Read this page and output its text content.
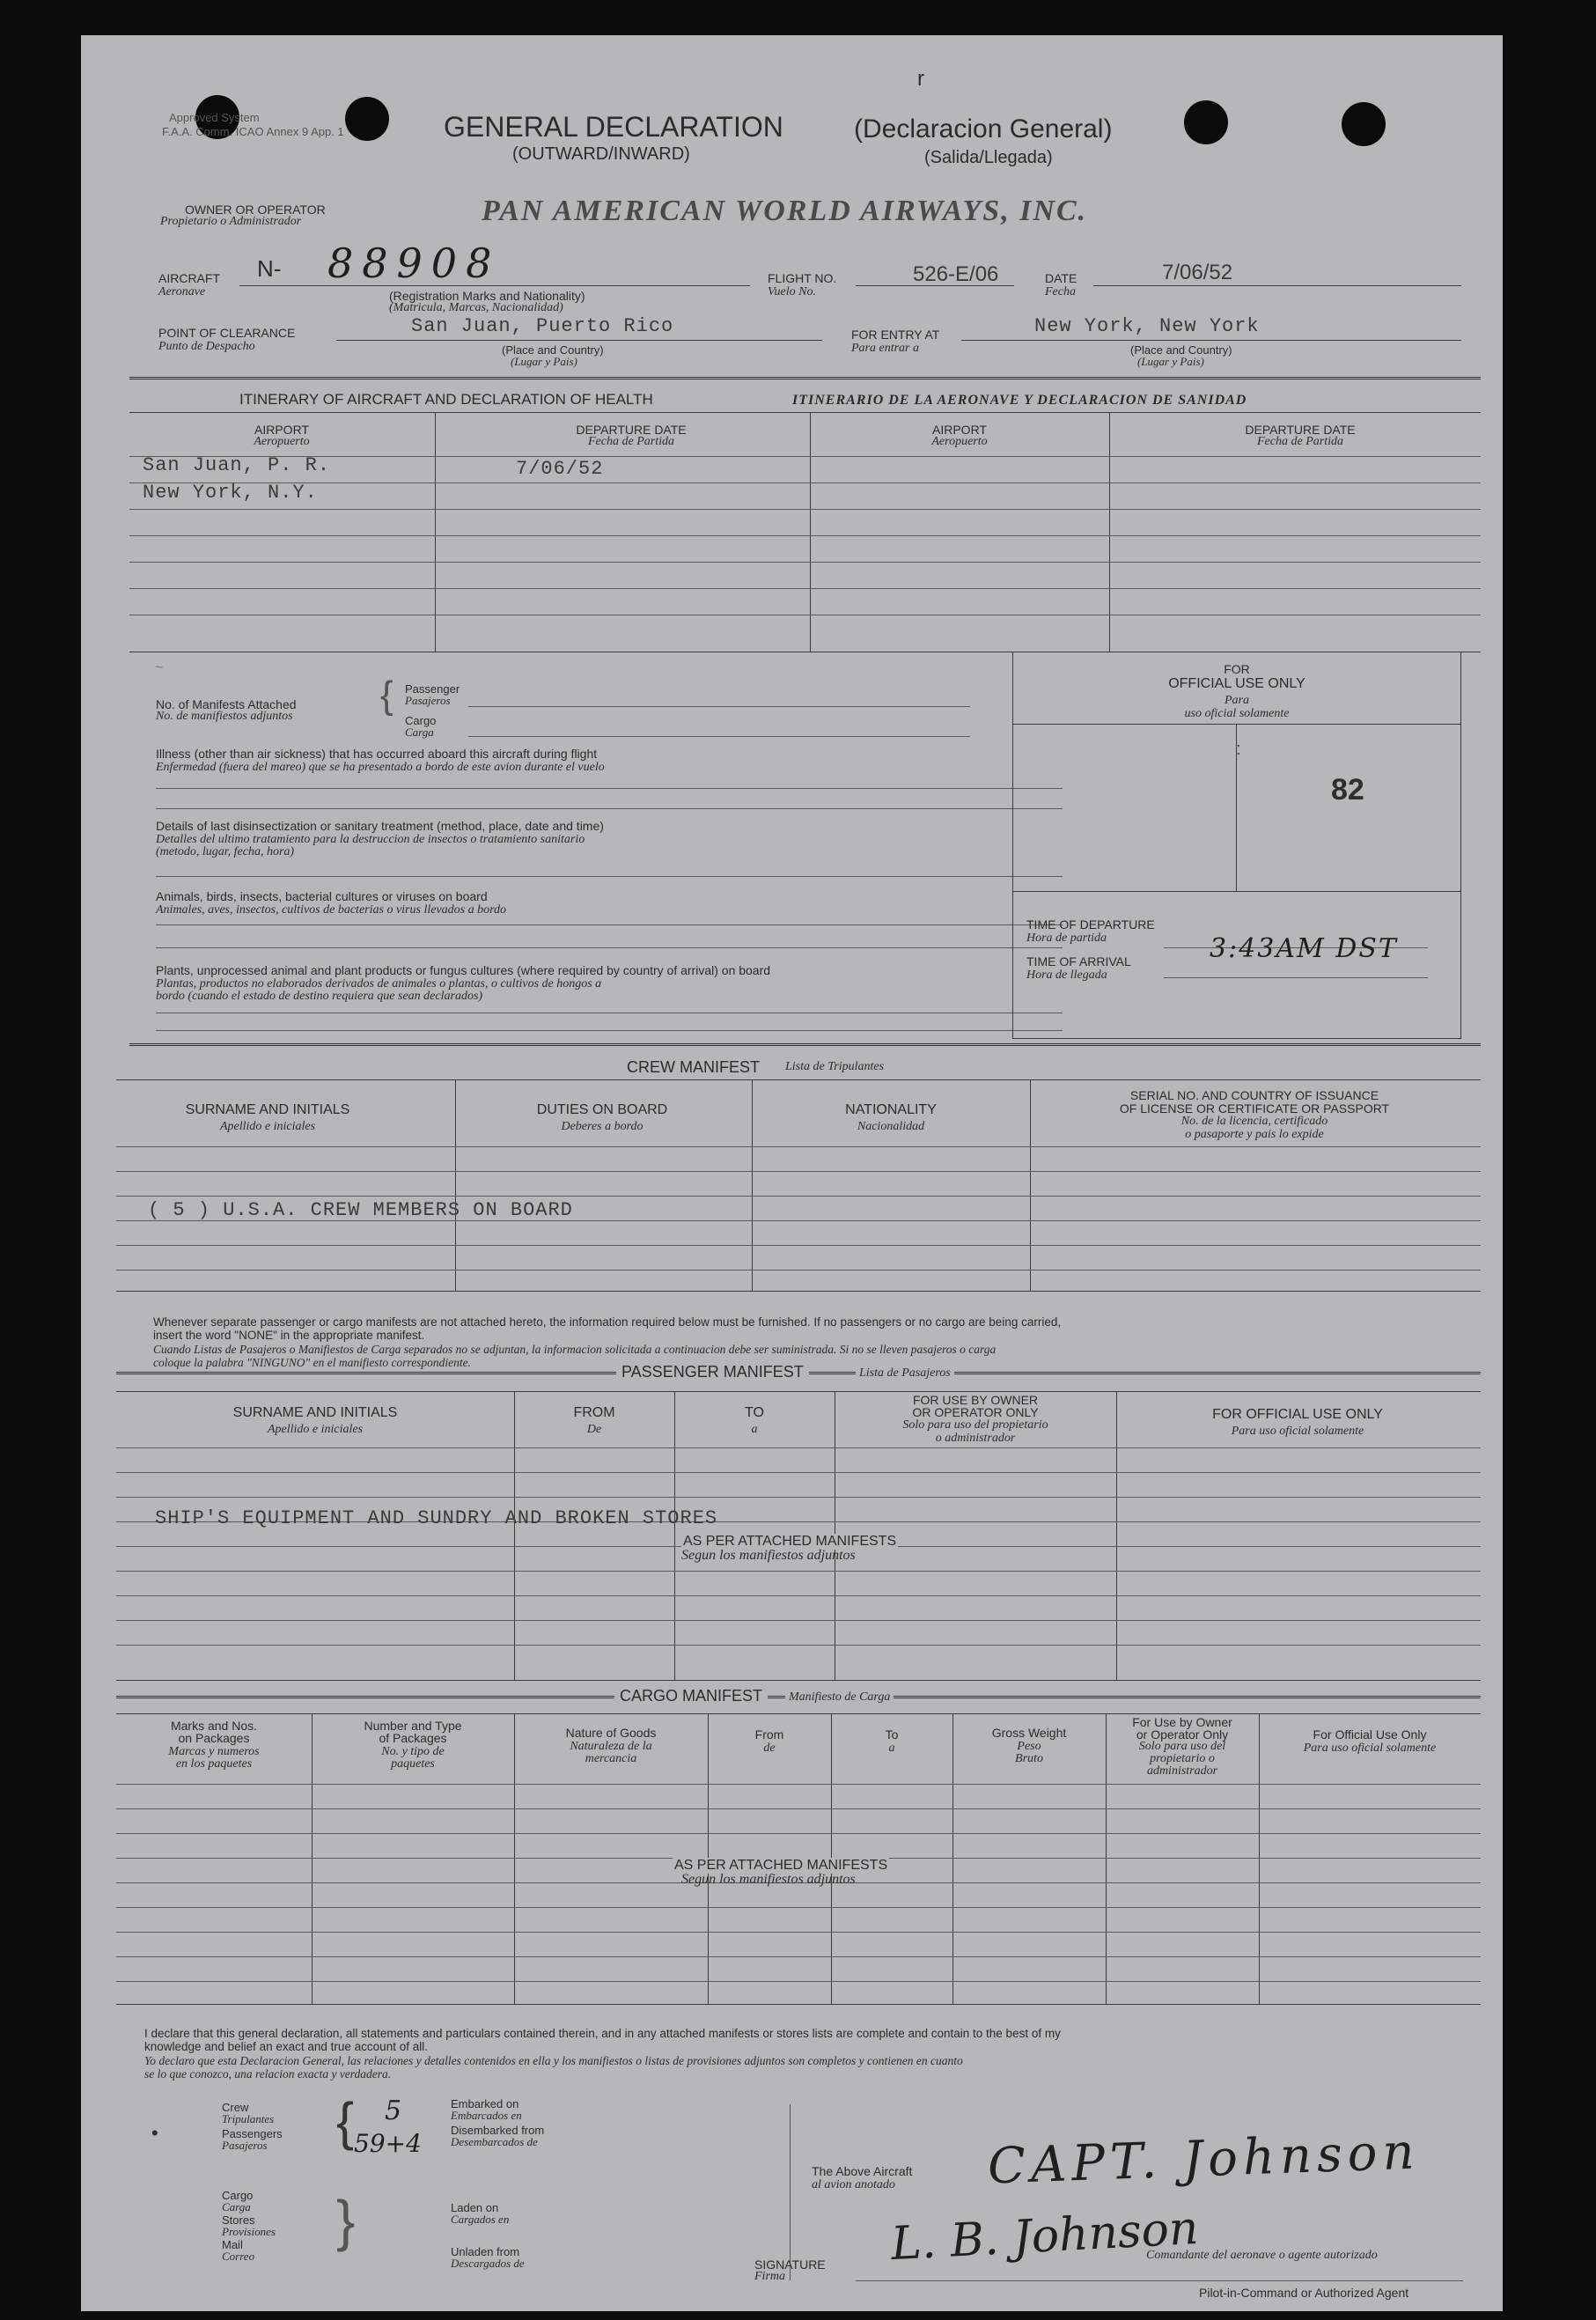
r
Approved System
F.A.A. Comm. ICAO Annex 9 App. 1	GENERAL DECLARATION
(OUTWARD/INWARD)
(Declaracion General)
(Salida/Llegada)
OWNER OR OPERATOR
Propietario o Administrador	PAN AMERICAN WORLD AIRWAYS, INC.
AIRCRAFT
Aeronave
N- 88908
(Registration Marks and Nationality)
(Matricula, Marcas, Nacionalidad)
FLIGHT NO.
Vuelo No.
526-E/06	DATE
Fecha
7/06/52
POINT OF CLEARANCE
Punto de Despacho
San Juan, Puerto Rico
(Place and Country)
(Lugar y Pais)
FOR ENTRY AT
Para entrar a
New York, New York
(Place and Country)
(Lugar y Pais)
ITINERARY OF AIRCRAFT AND DECLARATION OF HEALTH	ITINERARIO DE LA AERONAVE Y DECLARACION DE SANIDAD
AIRPORT
Aeropuerto
DEPARTURE DATE
Fecha de Partida
AIRPORT
Aeropuerto
DEPARTURE DATE
Fecha de Partida
San Juan, P. R.	7/06/52
New York, N.Y.
~
No. of Manifests Attached
No. de manifiestos adjuntos { Passenger
Pasajeros
Cargo
Carga
Illness (other than air sickness) that has occurred aboard this aircraft during flight
Enfermedad (fuera del mareo) que se ha presentado a bordo de este avion durante el vuelo
Details of last disinsectization or sanitary treatment (method, place, date and time)
Detalles del ultimo tratamiento para la destruccion de insectos o tratamiento sanitario
(metodo, lugar, fecha, hora)
Animals, birds, insects, bacterial cultures or viruses on board
Animales, aves, insectos, cultivos de bacterias o virus llevados a bordo
Plants, unprocessed animal and plant products or fungus cultures (where required by country of arrival) on board
Plantas, productos no elaborados derivados de animales o plantas, o cultivos de hongos a
bordo (cuando el estado de destino requiera que sean declarados)
FOR
OFFICIAL USE ONLY
Para
uso oficial solamente
:
82
TIME OF DEPARTURE
Hora de partida
TIME OF ARRIVAL
Hora de llegada
3:43AM DST
CREW MANIFEST Lista de Tripulantes
SURNAME AND INITIALS
Apellido e iniciales
DUTIES ON BOARD
Deberes a bordo
NATIONALITY
Nacionalidad
SERIAL NO. AND COUNTRY OF ISSUANCE
OF LICENSE OR CERTIFICATE OR PASSPORT
No. de la licencia, certificado
o pasaporte y pais lo expide
( 5 ) U.S.A. CREW MEMBERS ON BOARD
Whenever separate passenger or cargo manifests are not attached hereto, the information required below must be furnished. If no passengers or no cargo are being carried,
insert the word "NONE" in the appropriate manifest.
Cuando Listas de Pasajeros o Manifiestos de Carga separados no se adjuntan, la informacion solicitada a continuacion debe ser suministrada. Si no se lleven pasajeros o carga
coloque la palabra "NINGUNO" en el manifiesto correspondiente.
PASSENGER MANIFEST	Lista de Pasajeros
SURNAME AND INITIALS
Apellido e iniciales
FROM
De
TO
a
FOR USE BY OWNER
OR OPERATOR ONLY
Solo para uso del propietario
o administrador
FOR OFFICIAL USE ONLY
Para uso oficial solamente
SHIP'S EQUIPMENT AND SUNDRY AND BROKEN STORES
AS PER ATTACHED MANIFESTS
Segun los manifiestos adjuntos
CARGO MANIFEST	Manifiesto de Carga
Marks and Nos.
on Packages
Marcas y numeros
en los paquetes
Number and Type
of Packages
No. y tipo de
paquetes
Nature of Goods
Naturaleza de la
mercancia
From
de
To
a
Gross Weight
Peso
Bruto
For Use by Owner
or Operator Only
Solo para uso del
propietario o
administrador
For Official Use Only
Para uso oficial solamente
AS PER ATTACHED MANIFESTS
Segun los manifiestos adjuntos
I declare that this general declaration, all statements and particulars contained therein, and in any attached manifests or stores lists are complete and contain to the best of my
knowledge and belief an exact and true account of all.
Yo declaro que esta Declaracion General, las relaciones y detalles contenidos en ella y los manifiestos o listas de provisiones adjuntos son completos y contienen en cuanto
se lo que conozco, una relacion exacta y verdadera.
Crew
Tripulantes
Passengers
Pasajeros { 5
59+4
Embarked on
Embarcados en
Disembarked from
Desembarcados de
•
Cargo
Carga
Stores
Provisiones
Mail
Correo
}	Laden on
Cargados en
Unladen from
Descargados de
The Above Aircraft
al avion anotado CAPT. Johnson
L. B. Johnson
SIGNATURE
Firma
Comandante del aeronave o agente autorizado
Pilot-in-Command or Authorized Agent
